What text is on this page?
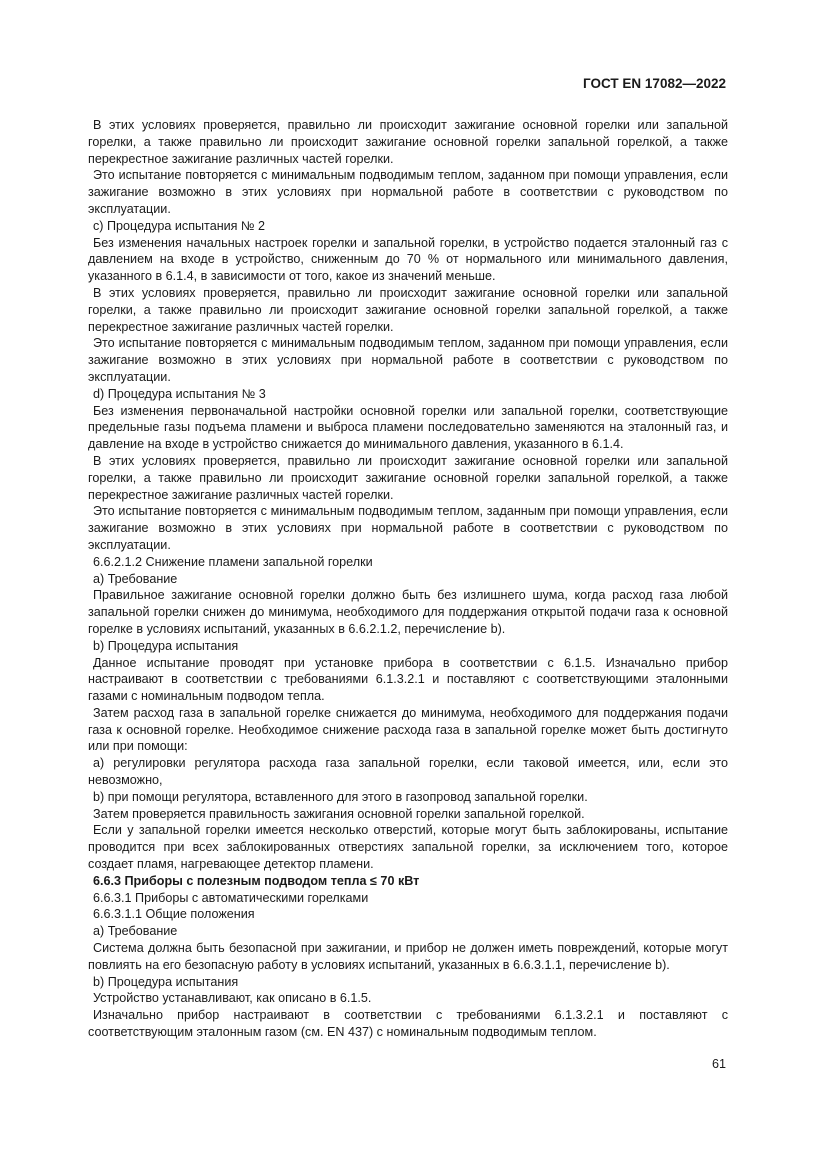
ГОСТ EN 17082—2022

В этих условиях проверяется, правильно ли происходит зажигание основной горелки или запальной горелки, а также правильно ли происходит зажигание основной горелки запальной горелкой, а также перекрестное зажигание различных частей горелки.

Это испытание повторяется с минимальным подводимым теплом, заданном при помощи управления, если зажигание возможно в этих условиях при нормальной работе в соответствии с руководством по эксплуатации.

c) Процедура испытания № 2

Без изменения начальных настроек горелки и запальной горелки, в устройство подается эталонный газ с давлением на входе в устройство, сниженным до 70 % от нормального или минимального давления, указанного в 6.1.4, в зависимости от того, какое из значений меньше.

В этих условиях проверяется, правильно ли происходит зажигание основной горелки или запальной горелки, а также правильно ли происходит зажигание основной горелки запальной горелкой, а также перекрестное зажигание различных частей горелки.

Это испытание повторяется с минимальным подводимым теплом, заданном при помощи управления, если зажигание возможно в этих условиях при нормальной работе в соответствии с руководством по эксплуатации.

d) Процедура испытания № 3

Без изменения первоначальной настройки основной горелки или запальной горелки, соответствующие предельные газы подъема пламени и выброса пламени последовательно заменяются на эталонный газ, и давление на входе в устройство снижается до минимального давления, указанного в 6.1.4.

В этих условиях проверяется, правильно ли происходит зажигание основной горелки или запальной горелки, а также правильно ли происходит зажигание основной горелки запальной горелкой, а также перекрестное зажигание различных частей горелки.

Это испытание повторяется с минимальным подводимым теплом, заданным при помощи управления, если зажигание возможно в этих условиях при нормальной работе в соответствии с руководством по эксплуатации.

6.6.2.1.2 Снижение пламени запальной горелки

a) Требование

Правильное зажигание основной горелки должно быть без излишнего шума, когда расход газа любой запальной горелки снижен до минимума, необходимого для поддержания открытой подачи газа к основной горелке в условиях испытаний, указанных в 6.6.2.1.2, перечисление b).

b) Процедура испытания

Данное испытание проводят при установке прибора в соответствии с 6.1.5. Изначально прибор настраивают в соответствии с требованиями 6.1.3.2.1 и поставляют с соответствующими эталонными газами с номинальным подводом тепла.

Затем расход газа в запальной горелке снижается до минимума, необходимого для поддержания подачи газа к основной горелке. Необходимое снижение расхода газа в запальной горелке может быть достигнуто или при помощи:

a) регулировки регулятора расхода газа запальной горелки, если таковой имеется, или, если это невозможно,

b) при помощи регулятора, вставленного для этого в газопровод запальной горелки.

Затем проверяется правильность зажигания основной горелки запальной горелкой.

Если у запальной горелки имеется несколько отверстий, которые могут быть заблокированы, испытание проводится при всех заблокированных отверстиях запальной горелки, за исключением того, которое создает пламя, нагревающее детектор пламени.

6.6.3 Приборы с полезным подводом тепла ≤ 70 кВт

6.6.3.1 Приборы с автоматическими горелками

6.6.3.1.1 Общие положения

a) Требование

Система должна быть безопасной при зажигании, и прибор не должен иметь повреждений, которые могут повлиять на его безопасную работу в условиях испытаний, указанных в 6.6.3.1.1, перечисление b).

b) Процедура испытания

Устройство устанавливают, как описано в 6.1.5.

Изначально прибор настраивают в соответствии с требованиями 6.1.3.2.1 и поставляют с соответствующим эталонным газом (см. EN 437) с номинальным подводимым теплом.

61
